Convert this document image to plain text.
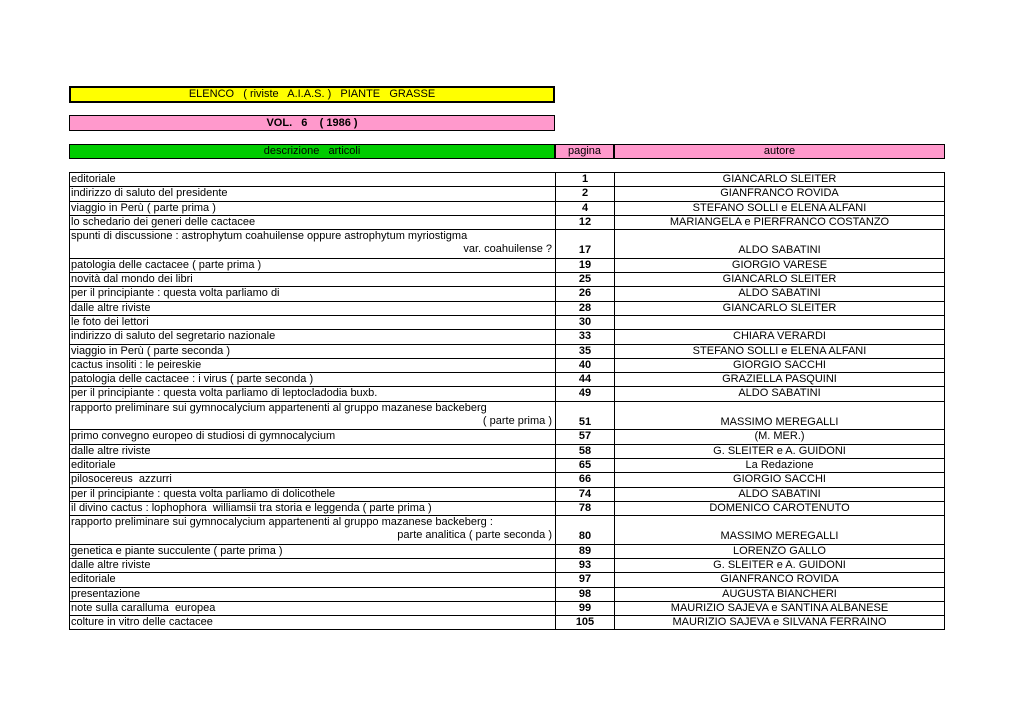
ELENCO   ( riviste   A.I.A.S. )   PIANTE   GRASSE
VOL.   6    ( 1986 )
descrizione   articoli	pagina	autore
editoriale	1	GIANCARLO SLEITER
indirizzo di saluto del presidente	2	GIANFRANCO ROVIDA
viaggio in Perù ( parte prima )	4	STEFANO SOLLI e ELENA ALFANI
lo schedario dei generi delle cactacee	12	MARIANGELA e PIERFRANCO COSTANZO
spunti di discussione : astrophytum coahuilense oppure astrophytum myriostigma
var. coahuilense ?	17	ALDO SABATINI
patologia delle cactacee ( parte prima )	19	GIORGIO VARESE
novità dal mondo dei libri	25	GIANCARLO SLEITER
per il principiante : questa volta parliamo di	26	ALDO SABATINI
dalle altre riviste	28	GIANCARLO SLEITER
le foto dei lettori	30
indirizzo di saluto del segretario nazionale	33	CHIARA VERARDI
viaggio in Perù ( parte seconda )	35	STEFANO SOLLI e ELENA ALFANI
cactus insoliti : le peireskie	40	GIORGIO SACCHI
patologia delle cactacee : i virus ( parte seconda )	44	GRAZIELLA PASQUINI
per il principiante : questa volta parliamo di leptocladodia buxb.	49	ALDO SABATINI
rapporto preliminare sui gymnocalycium appartenenti al gruppo mazanese backeberg
( parte prima )	51	MASSIMO MEREGALLI
primo convegno europeo di studiosi di gymnocalycium	57	(M. MER.)
dalle altre riviste	58	G. SLEITER e A. GUIDONI
editoriale	65	La Redazione
pilosocereus  azzurri	66	GIORGIO SACCHI
per il principiante : questa volta parliamo di dolicothele	74	ALDO SABATINI
il divino cactus : lophophora  williamsii tra storia e leggenda ( parte prima )	78	DOMENICO CAROTENUTO
rapporto preliminare sui gymnocalycium appartenenti al gruppo mazanese backeberg :
parte analitica ( parte seconda )	80	MASSIMO MEREGALLI
genetica e piante succulente ( parte prima )	89	LORENZO GALLO
dalle altre riviste	93	G. SLEITER e A. GUIDONI
editoriale	97	GIANFRANCO ROVIDA
presentazione	98	AUGUSTA BIANCHERI
note sulla caralluma  europea	99	MAURIZIO SAJEVA e SANTINA ALBANESE
colture in vitro delle cactacee	105	MAURIZIO SAJEVA e SILVANA FERRAINO
